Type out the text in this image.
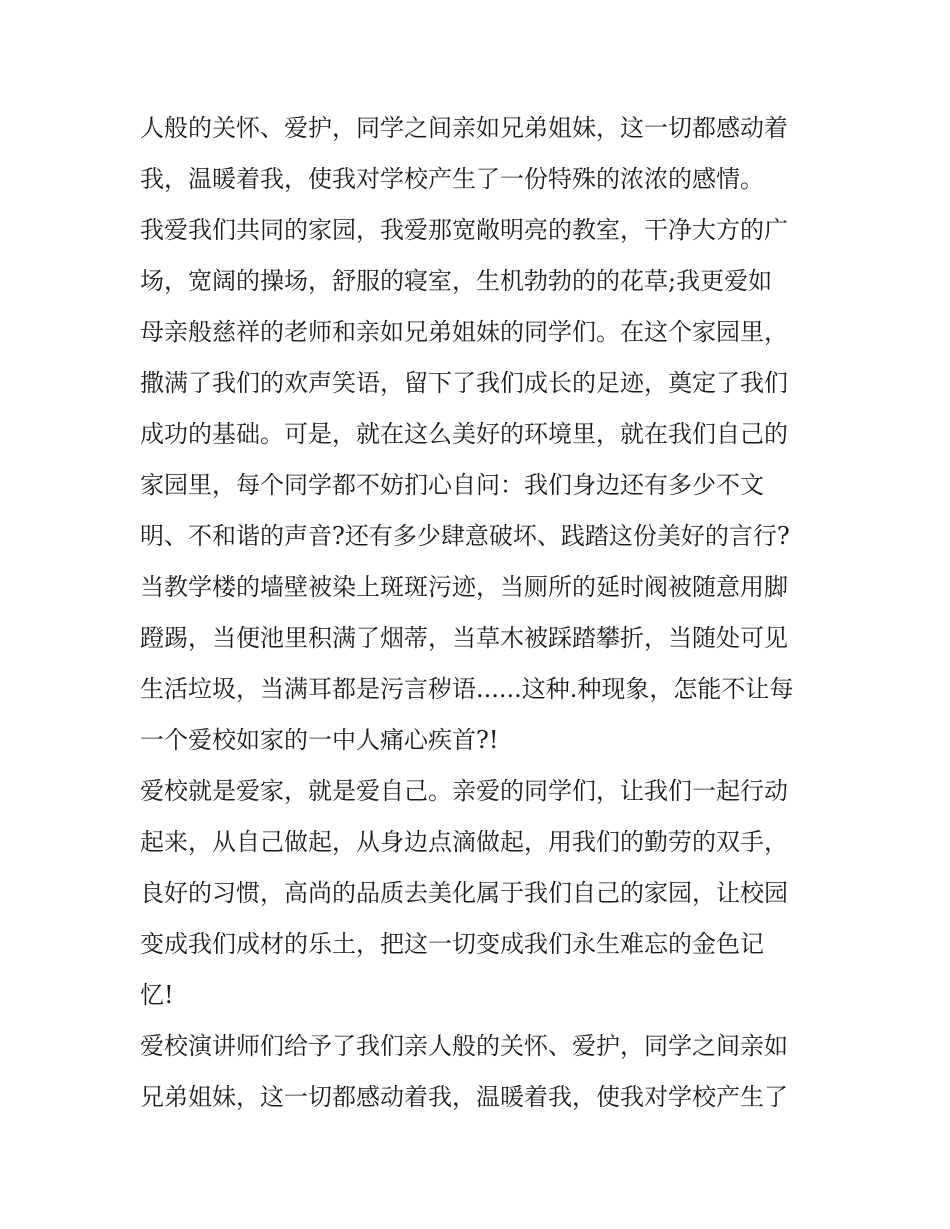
人般的关怀、爱护，同学之间亲如兄弟姐妹，这一切都感动着
我，温暖着我，使我对学校产生了一份特殊的浓浓的感情。
我爱我们共同的家园，我爱那宽敞明亮的教室，干净大方的广
场，宽阔的操场，舒服的寝室，生机勃勃的的花草;我更爱如
母亲般慈祥的老师和亲如兄弟姐妹的同学们。在这个家园里，
撒满了我们的欢声笑语，留下了我们成长的足迹，奠定了我们
成功的基础。可是，就在这么美好的环境里，就在我们自己的
家园里，每个同学都不妨扪心自问：我们身边还有多少不文
明、不和谐的声音?还有多少肆意破坏、践踏这份美好的言行?
当教学楼的墙壁被染上斑斑污迹，当厕所的延时阀被随意用脚
蹬踢，当便池里积满了烟蒂，当草木被踩踏攀折，当随处可见
生活垃圾，当满耳都是污言秽语......这种.种现象，怎能不让每
一个爱校如家的一中人痛心疾首?!
爱校就是爱家，就是爱自己。亲爱的同学们，让我们一起行动
起来，从自己做起，从身边点滴做起，用我们的勤劳的双手，
良好的习惯，高尚的品质去美化属于我们自己的家园，让校园
变成我们成材的乐土，把这一切变成我们永生难忘的金色记
忆!
爱校演讲师们给予了我们亲人般的关怀、爱护，同学之间亲如
兄弟姐妹，这一切都感动着我，温暖着我，使我对学校产生了
